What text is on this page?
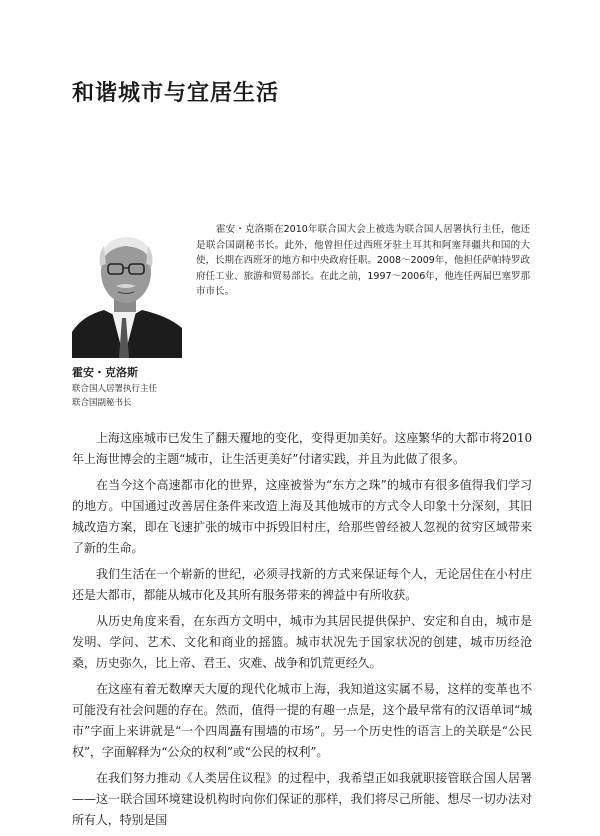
和谐城市与宜居生活
霍安・克洛斯在2010年联合国大会上被选为联合国人居署执行主任，他还是联合国副秘书长。此外，他曾担任过西班牙驻土耳其和阿塞拜疆共和国的大使，长期在西班牙的地方和中央政府任职。2008～2009年，他担任萨帕特罗政府任工业、旅游和贸易部长。在此之前，1997～2006年，他连任两届巴塞罗那市市长。
霍安・克洛斯
联合国人居署执行主任
联合国副秘书长

上海这座城市已发生了翻天覆地的变化，变得更加美好。这座繁华的大都市将2010年上海世博会的主题“城市，让生活更美好”付诸实践，并且为此做了很多。

在当今这个高速都市化的世界，这座被誉为“东方之珠”的城市有很多值得我们学习的地方。中国通过改善居住条件来改造上海及其他城市的方式令人印象十分深刻，其旧城改造方案，即在飞速扩张的城市中拆毁旧村庄，给那些曾经被人忽视的贫穷区域带来了新的生命。

我们生活在一个崭新的世纪，必须寻找新的方式来保证每个人，无论居住在小村庄还是大都市，都能从城市化及其所有服务带来的裨益中有所收获。

从历史角度来看，在东西方文明中，城市为其居民提供保护、安定和自由，城市是发明、学问、艺术、文化和商业的摇篮。城市状况先于国家状况的创建，城市历经沧桑，历史弥久，比上帝、君王、灾难、战争和饥荒更经久。

在这座有着无数摩天大厦的现代化城市上海，我知道这实属不易，这样的变革也不可能没有社会问题的存在。然而，值得一提的有趣一点是，这个最早常有的汉语单词“城市”字面上来讲就是“一个四周矗有围墙的市场”。另一个历史性的语言上的关联是“公民权”，字面解释为“公众的权利”或“公民的权利”。

在我们努力推动《人类居住议程》的过程中，我希望正如我就职接管联合国人居署——这一联合国环境建设机构时向你们保证的那样，我们将尽己所能、想尽一切办法对所有人，特别是国
